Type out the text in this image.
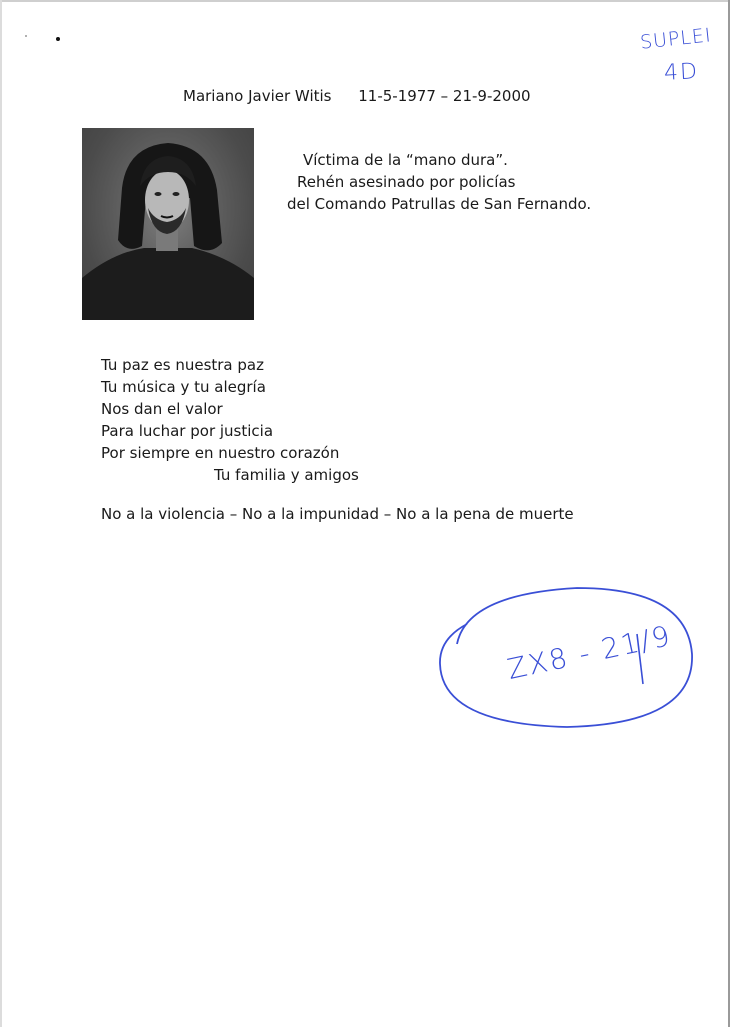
SUPLEI
4D
Mariano Javier Witis 11-5-1977 – 21-9-2000
Víctima de la “mano dura”.
Rehén asesinado por policías
del Comando Patrullas de San Fernando.
Tu paz es nuestra paz
Tu música y tu alegría
Nos dan el valor
Para luchar por justicia
Por siempre en nuestro corazón
Tu familia y amigos
No a la violencia – No a la impunidad – No a la pena de muerte
ZX8 - 21/9
